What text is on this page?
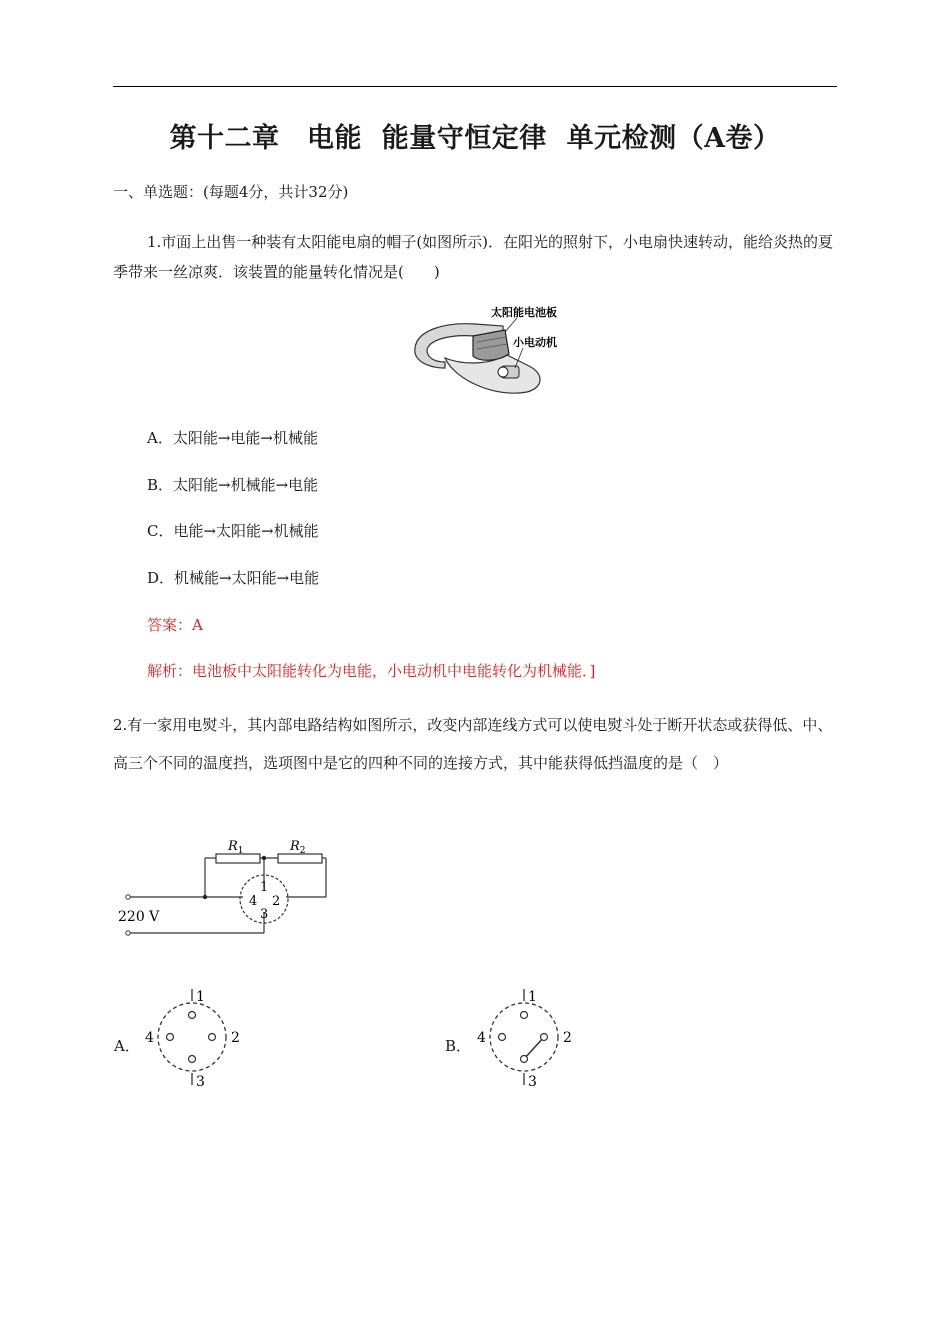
第十二章　电能  能量守恒定律  单元检测（A卷）
一、单选题：(每题4分，共计32分)
1.市面上出售一种装有太阳能电扇的帽子(如图所示)．在阳光的照射下，小电扇快速转动，能给炎热的夏季带来一丝凉爽．该装置的能量转化情况是(　　)
太阳能电池板
小电动机
A．太阳能→电能→机械能
B．太阳能→机械能→电能
C．电能→太阳能→机械能
D．机械能→太阳能→电能
答案：A
解析：电池板中太阳能转化为电能，小电动机中电能转化为机械能．]
2.有一家用电熨斗，其内部电路结构如图所示，改变内部连线方式可以使电熨斗处于断开状态或获得低、中、高三个不同的温度挡，选项图中是它的四种不同的连接方式，其中能获得低挡温度的是（　）
$R_1$	$R_2$
1
2
3
4
220 V
A．
1
2
3
4	B．
1
2
3
4
